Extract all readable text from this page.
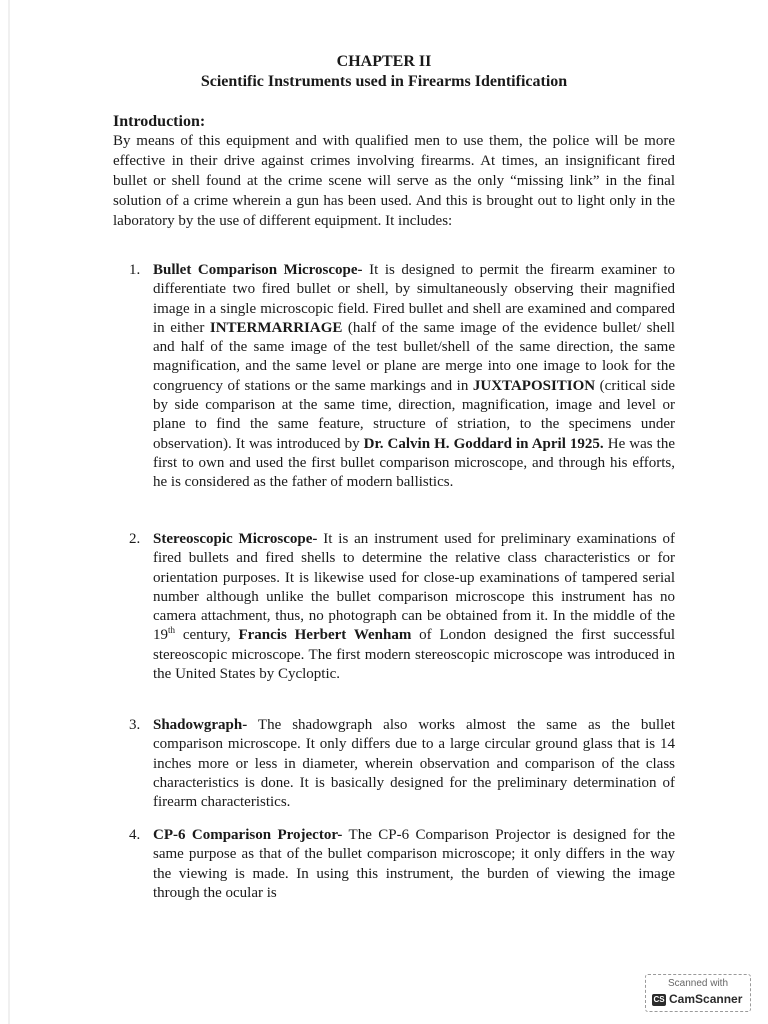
CHAPTER II
Scientific Instruments used in Firearms Identification
Introduction:
By means of this equipment and with qualified men to use them, the police will be more effective in their drive against crimes involving firearms. At times, an insignificant fired bullet or shell found at the crime scene will serve as the only “missing link” in the final solution of a crime wherein a gun has been used. And this is brought out to light only in the laboratory by the use of different equipment. It includes:
1. Bullet Comparison Microscope- It is designed to permit the firearm examiner to differentiate two fired bullet or shell, by simultaneously observing their magnified image in a single microscopic field. Fired bullet and shell are examined and compared in either INTERMARRIAGE (half of the same image of the evidence bullet/ shell and half of the same image of the test bullet/shell of the same direction, the same magnification, and the same level or plane are merge into one image to look for the congruency of stations or the same markings and in JUXTAPOSITION (critical side by side comparison at the same time, direction, magnification, image and level or plane to find the same feature, structure of striation, to the specimens under observation). It was introduced by Dr. Calvin H. Goddard in April 1925. He was the first to own and used the first bullet comparison microscope, and through his efforts, he is considered as the father of modern ballistics.
2. Stereoscopic Microscope- It is an instrument used for preliminary examinations of fired bullets and fired shells to determine the relative class characteristics or for orientation purposes. It is likewise used for close-up examinations of tampered serial number although unlike the bullet comparison microscope this instrument has no camera attachment, thus, no photograph can be obtained from it. In the middle of the 19th century, Francis Herbert Wenham of London designed the first successful stereoscopic microscope. The first modern stereoscopic microscope was introduced in the United States by Cycloptic.
3. Shadowgraph- The shadowgraph also works almost the same as the bullet comparison microscope. It only differs due to a large circular ground glass that is 14 inches more or less in diameter, wherein observation and comparison of the class characteristics is done. It is basically designed for the preliminary determination of firearm characteristics.
4. CP-6 Comparison Projector- The CP-6 Comparison Projector is designed for the same purpose as that of the bullet comparison microscope; it only differs in the way the viewing is made. In using this instrument, the burden of viewing the image through the ocular is
Scanned with
CS CamScanner
